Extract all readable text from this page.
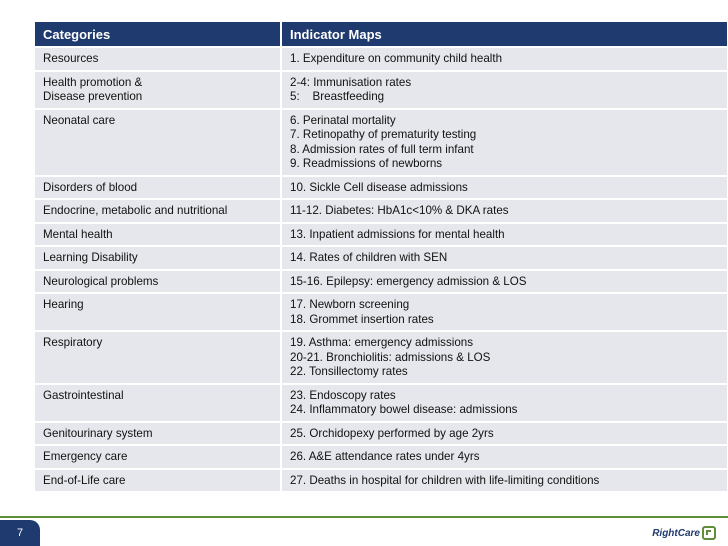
Categories	Indicator Maps

Resources	1. Expenditure on community child health

Health promotion &
Disease prevention	2-4: Immunisation rates
5:    Breastfeeding

Neonatal care	6. Perinatal mortality
7. Retinopathy of prematurity testing
8. Admission rates of full term infant
9. Readmissions of newborns

Disorders of blood	10. Sickle Cell disease admissions

Endocrine, metabolic and nutritional	11-12. Diabetes: HbA1c<10% & DKA rates

Mental health	13. Inpatient admissions for mental health

Learning Disability	14. Rates of children with SEN

Neurological problems	15-16. Epilepsy: emergency admission & LOS

Hearing	17. Newborn screening
18. Grommet insertion rates

Respiratory	19. Asthma: emergency admissions
20-21. Bronchiolitis: admissions & LOS
22. Tonsillectomy rates

Gastrointestinal	23. Endoscopy rates
24. Inflammatory bowel disease: admissions

Genitourinary system	25. Orchidopexy performed by age 2yrs

Emergency care	26. A&E attendance rates under 4yrs

End-of-Life care	27. Deaths in hospital for children with life-limiting conditions
7	RightCare
